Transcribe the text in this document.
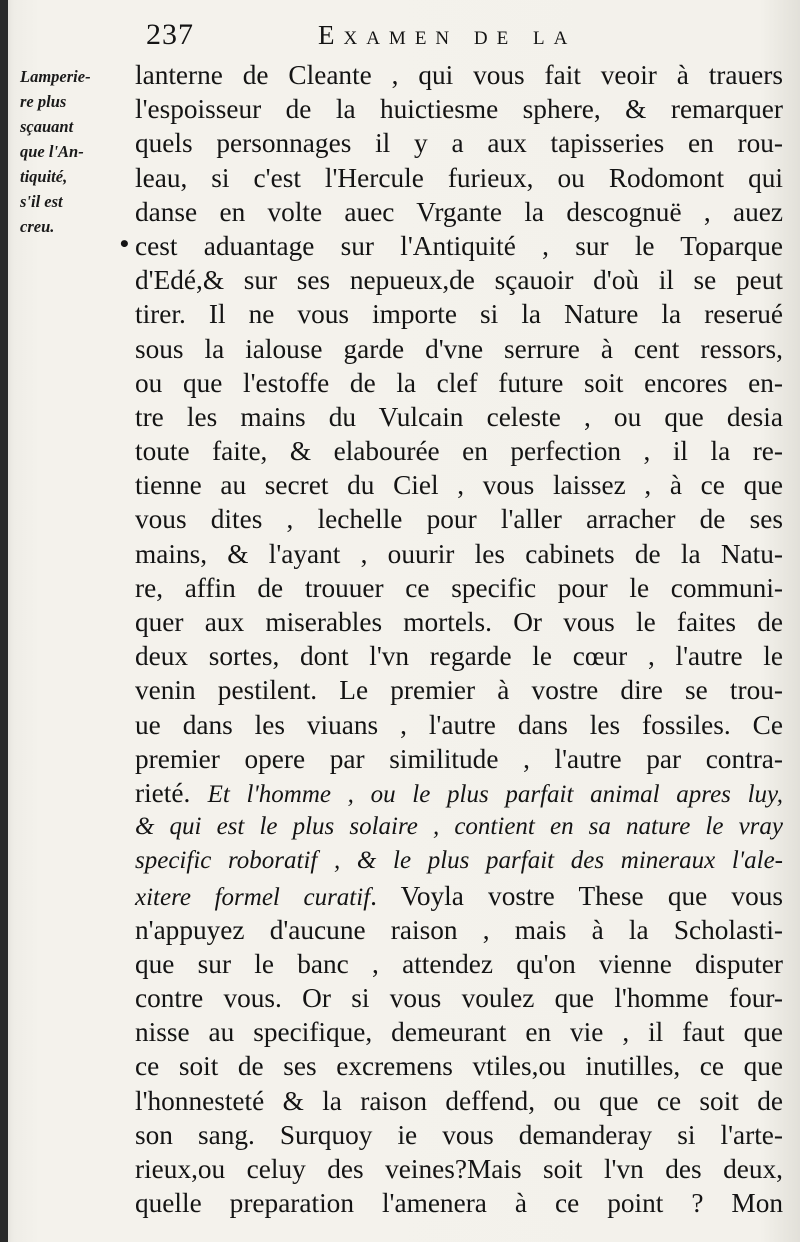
237	Examen de la
Lamperie-
re plus
sçauant
que l'An-
tiquité,
s'il est
creu.
•
lanterne de Cleante , qui vous fait veoir à trauers
l'espoisseur de la huictiesme sphere, & remarquer
quels personnages il y a aux tapisseries en rou-
leau, si c'est l'Hercule furieux, ou Rodomont qui
danse en volte auec Vrgante la descognuë , auez
cest aduantage sur l'Antiquité , sur le Toparque
d'Edé,& sur ses nepueux,de sçauoir d'où il se peut
tirer. Il ne vous importe si la Nature la reserué
sous la ialouse garde d'vne serrure à cent ressors,
ou que l'estoffe de la clef future soit encores en-
tre les mains du Vulcain celeste , ou que desia
toute faite, & elabourée en perfection , il la re-
tienne au secret du Ciel , vous laissez , à ce que
vous dites , lechelle pour l'aller arracher de ses
mains, & l'ayant , ouurir les cabinets de la Natu-
re, affin de trouuer ce specific pour le communi-
quer aux miserables mortels. Or vous le faites de
deux sortes, dont l'vn regarde le cœur , l'autre le
venin pestilent. Le premier à vostre dire se trou-
ue dans les viuans , l'autre dans les fossiles. Ce
premier opere par similitude , l'autre par contra-
rieté. Et l'homme , ou le plus parfait animal apres luy,
& qui est le plus solaire , contient en sa nature le vray
specific roboratif , & le plus parfait des mineraux l'ale-
xitere formel curatif. Voyla vostre These que vous
n'appuyez d'aucune raison , mais à la Scholasti-
que sur le banc , attendez qu'on vienne disputer
contre vous. Or si vous voulez que l'homme four-
nisse au specifique, demeurant en vie , il faut que
ce soit de ses excremens vtiles,ou inutilles, ce que
l'honnesteté & la raison deffend, ou que ce soit de
son sang. Surquoy ie vous demanderay si l'arte-
rieux,ou celuy des veines?Mais soit l'vn des deux,
quelle preparation l'amenera à ce point ? Mon
